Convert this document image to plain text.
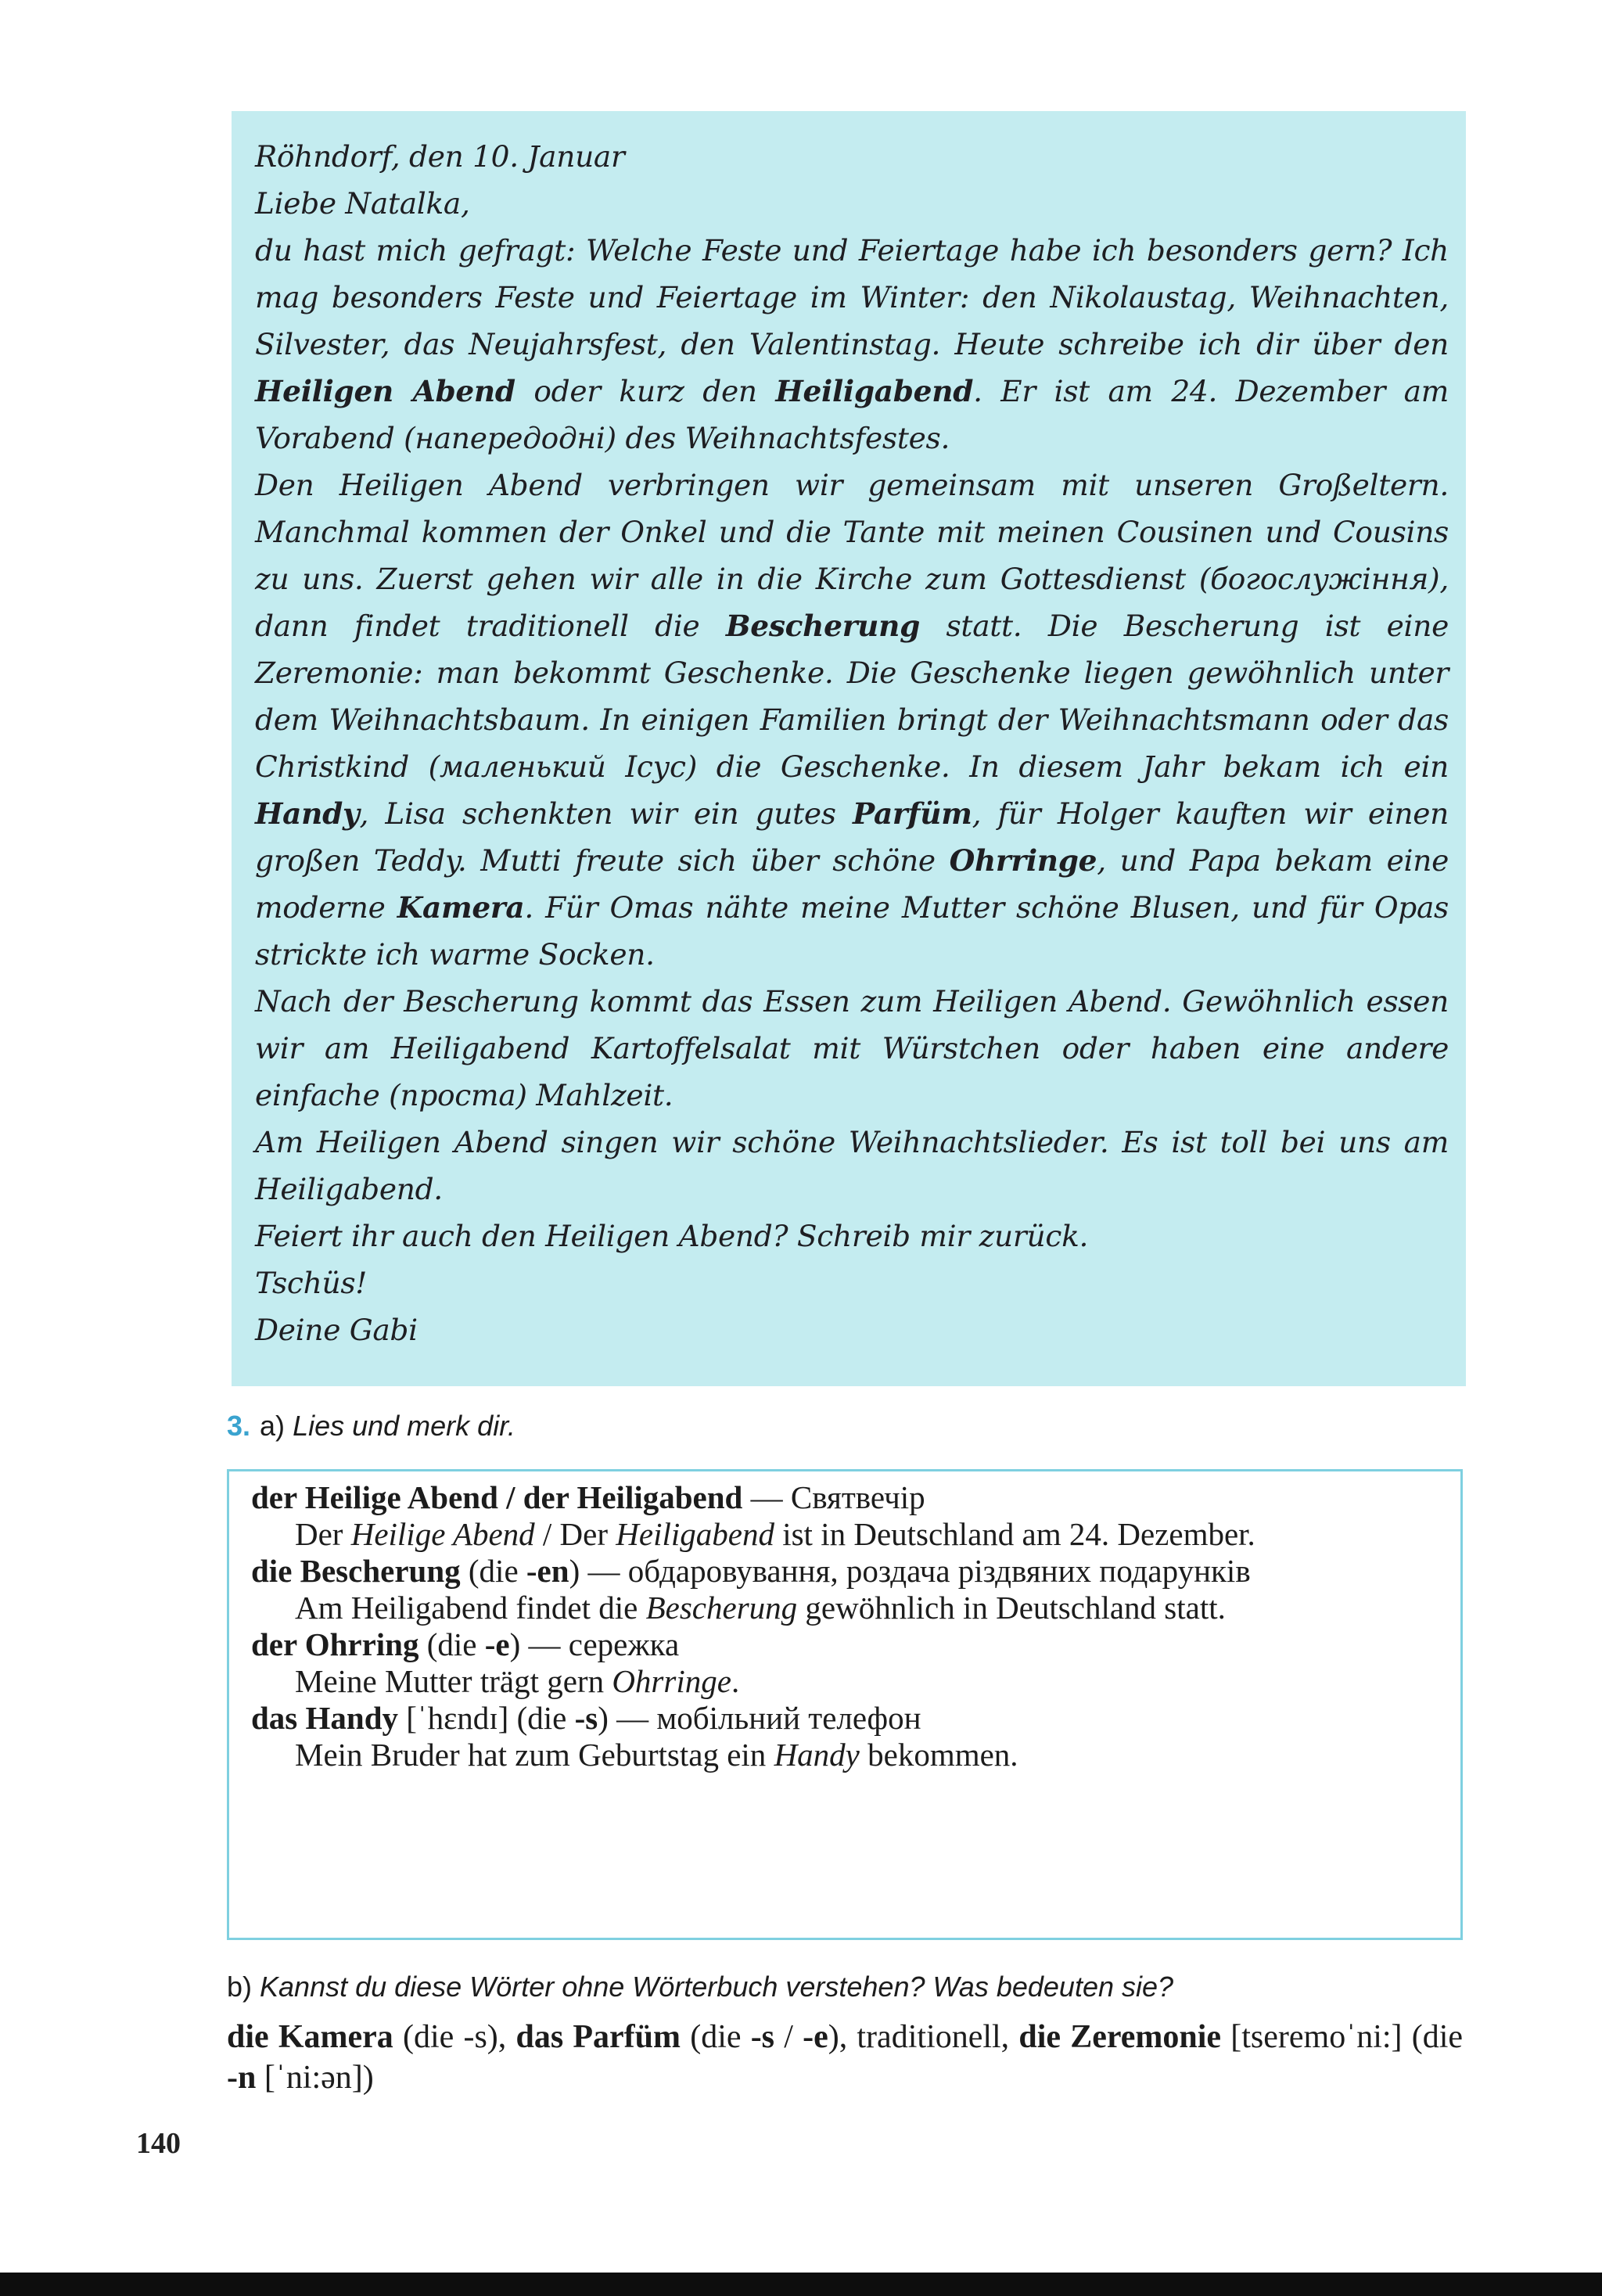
Röhndorf, den 10. Januar

Liebe Natalka,

du hast mich gefragt: Welche Feste und Feiertage habe ich besonders gern? Ich mag besonders Feste und Feiertage im Winter: den Nikolaustag, Weihnachten, Silvester, das Neujahrsfest, den Valentinstag. Heute schreibe ich dir über den Heiligen Abend oder kurz den Heiligabend. Er ist am 24. Dezember am Vorabend (напередодні) des Weihnachtsfestes.

Den Heiligen Abend verbringen wir gemeinsam mit unseren Großeltern. Manchmal kommen der Onkel und die Tante mit meinen Cousinen und Cousins zu uns. Zuerst gehen wir alle in die Kirche zum Gottesdienst (богослужіння), dann findet traditionell die Bescherung statt. Die Bescherung ist eine Zeremonie: man bekommt Geschenke. Die Geschenke liegen gewöhnlich unter dem Weihnachtsbaum. In einigen Familien bringt der Weihnachtsmann oder das Christkind (маленький Ісус) die Geschenke. In diesem Jahr bekam ich ein Handy, Lisa schenkten wir ein gutes Parfüm, für Holger kauften wir einen großen Teddy. Mutti freute sich über schöne Ohrringe, und Papa bekam eine moderne Kamera. Für Omas nähte meine Mutter schöne Blusen, und für Opas strickte ich warme Socken.

Nach der Bescherung kommt das Essen zum Heiligen Abend. Gewöhnlich essen wir am Heiligabend Kartoffelsalat mit Würstchen oder haben eine andere einfache (проста) Mahlzeit.

Am Heiligen Abend singen wir schöne Weihnachtslieder. Es ist toll bei uns am Heiligabend.

Feiert ihr auch den Heiligen Abend? Schreib mir zurück.

Tschüs!

Deine Gabi

3. a) Lies und merk dir.

der Heilige Abend / der Heiligabend — Святвечір

Der Heilige Abend / Der Heiligabend ist in Deutschland am 24. Dezember.

die Bescherung (die -en) — обдаровування, роздача різдвяних подарунків

Am Heiligabend findet die Bescherung gewöhnlich in Deutschland statt.

der Ohrring (die -e) — сережка

Meine Mutter trägt gern Ohrringe.

das Handy [ˈhɛndɪ] (die -s) — мобільний телефон

Mein Bruder hat zum Geburtstag ein Handy bekommen.

b) Kannst du diese Wörter ohne Wörterbuch verstehen? Was bedeuten sie?
die Kamera (die -s), das Parfüm (die -s / -e), traditionell, die Zeremonie [tseremoˈni:] (die -n [ˈni:ən])
140
